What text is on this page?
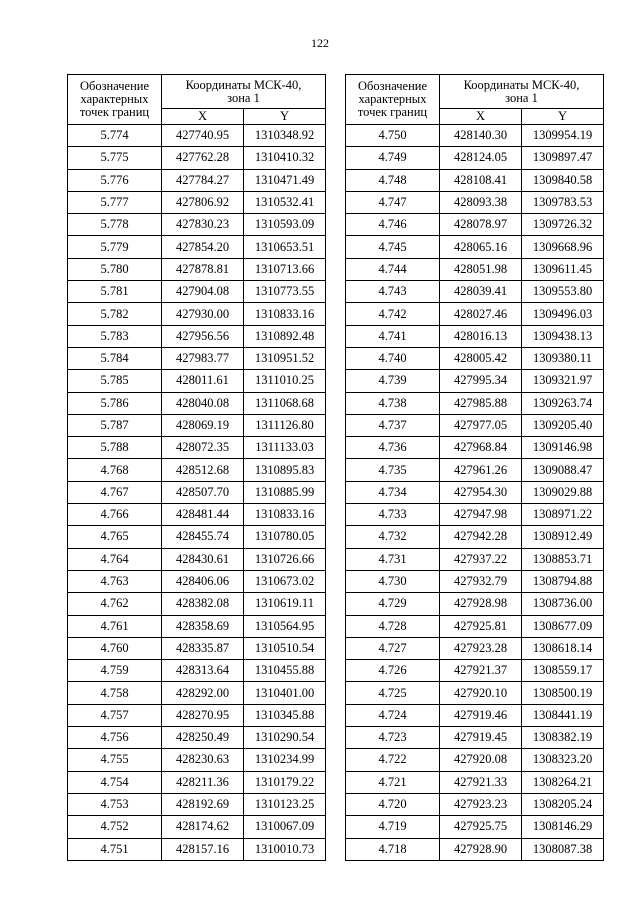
122
Обозначение
характерных
точек границ	Координаты МСК-40,
зона 1	

	X	Y
5.774	427740.95	1310348.92
5.775	427762.28	1310410.32
5.776	427784.27	1310471.49
5.777	427806.92	1310532.41
5.778	427830.23	1310593.09
5.779	427854.20	1310653.51
5.780	427878.81	1310713.66
5.781	427904.08	1310773.55
5.782	427930.00	1310833.16
5.783	427956.56	1310892.48
5.784	427983.77	1310951.52
5.785	428011.61	1311010.25
5.786	428040.08	1311068.68
5.787	428069.19	1311126.80
5.788	428072.35	1311133.03
4.768	428512.68	1310895.83
4.767	428507.70	1310885.99
4.766	428481.44	1310833.16
4.765	428455.74	1310780.05
4.764	428430.61	1310726.66
4.763	428406.06	1310673.02
4.762	428382.08	1310619.11
4.761	428358.69	1310564.95
4.760	428335.87	1310510.54
4.759	428313.64	1310455.88
4.758	428292.00	1310401.00
4.757	428270.95	1310345.88
4.756	428250.49	1310290.54
4.755	428230.63	1310234.99
4.754	428211.36	1310179.22
4.753	428192.69	1310123.25
4.752	428174.62	1310067.09
4.751	428157.16	1310010.73
Обозначение
характерных
точек границ	Координаты МСК-40,
зона 1	

	X	Y
4.750	428140.30	1309954.19
4.749	428124.05	1309897.47
4.748	428108.41	1309840.58
4.747	428093.38	1309783.53
4.746	428078.97	1309726.32
4.745	428065.16	1309668.96
4.744	428051.98	1309611.45
4.743	428039.41	1309553.80
4.742	428027.46	1309496.03
4.741	428016.13	1309438.13
4.740	428005.42	1309380.11
4.739	427995.34	1309321.97
4.738	427985.88	1309263.74
4.737	427977.05	1309205.40
4.736	427968.84	1309146.98
4.735	427961.26	1309088.47
4.734	427954.30	1309029.88
4.733	427947.98	1308971.22
4.732	427942.28	1308912.49
4.731	427937.22	1308853.71
4.730	427932.79	1308794.88
4.729	427928.98	1308736.00
4.728	427925.81	1308677.09
4.727	427923.28	1308618.14
4.726	427921.37	1308559.17
4.725	427920.10	1308500.19
4.724	427919.46	1308441.19
4.723	427919.45	1308382.19
4.722	427920.08	1308323.20
4.721	427921.33	1308264.21
4.720	427923.23	1308205.24
4.719	427925.75	1308146.29
4.718	427928.90	1308087.38
